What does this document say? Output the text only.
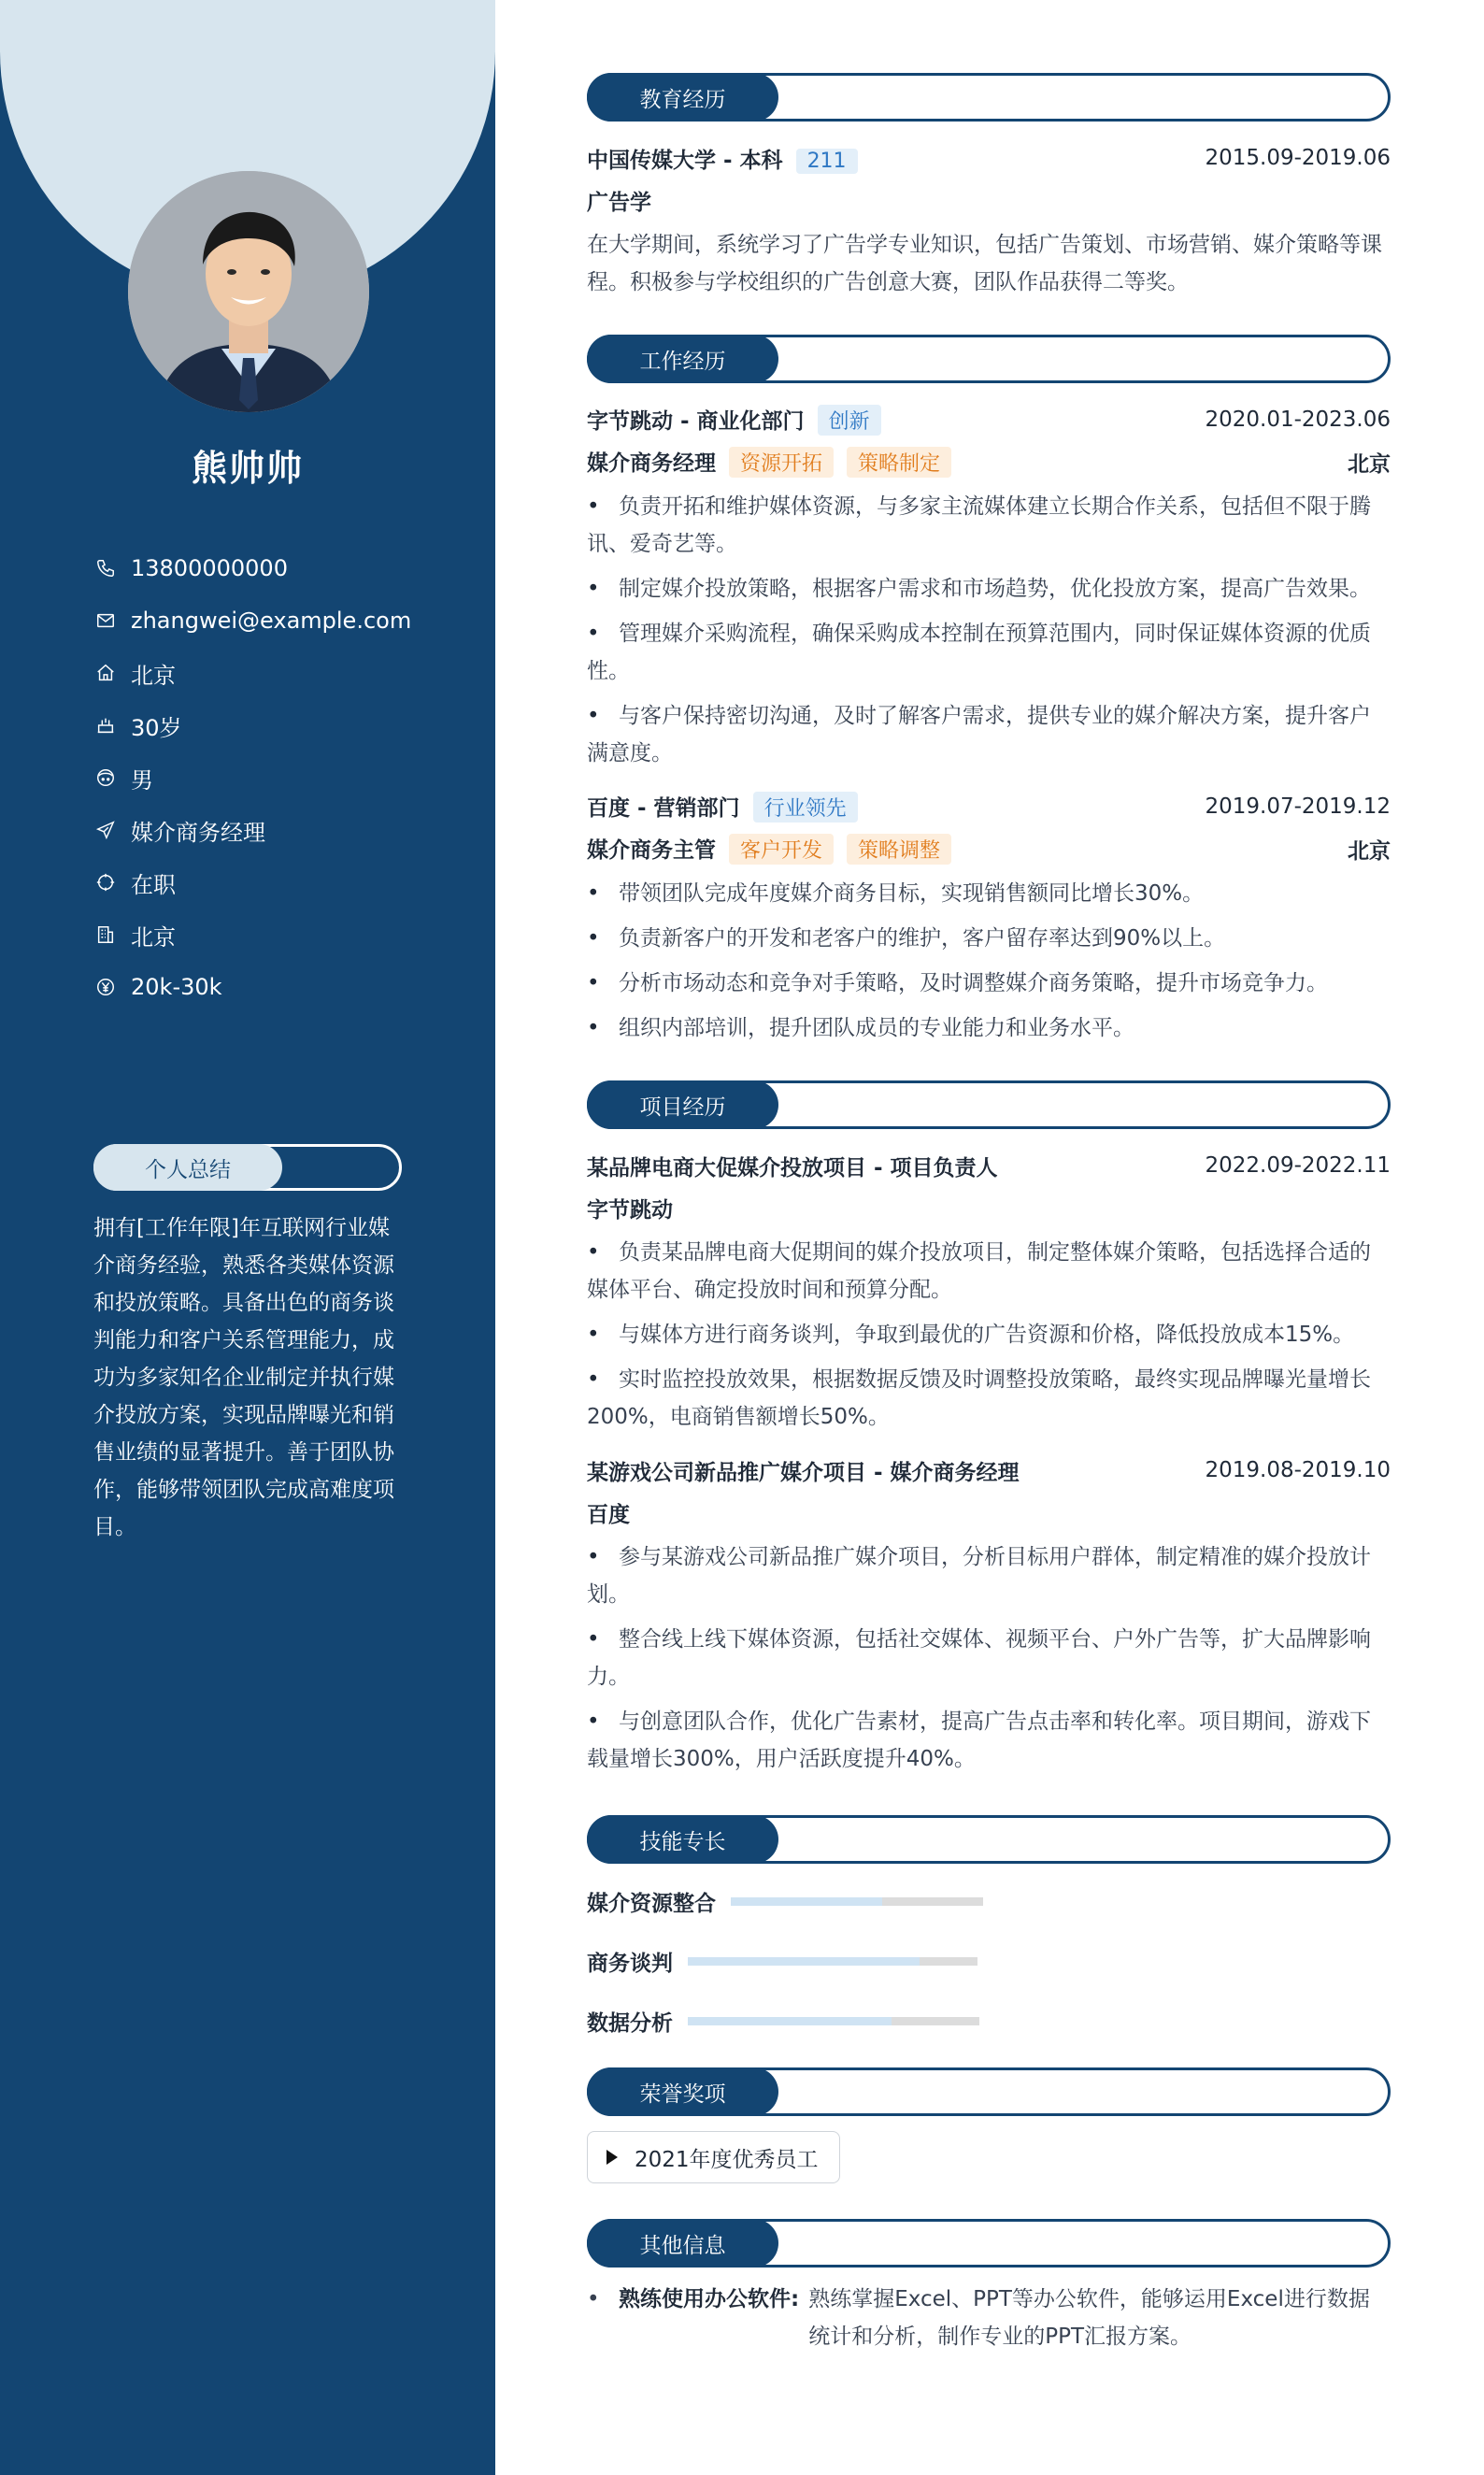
熊帅帅
13800000000
zhangwei@example.com
北京
30岁
男
媒介商务经理
在职
北京
20k-30k
个人总结
拥有[工作年限]年互联网行业媒介商务经验，熟悉各类媒体资源和投放策略。具备出色的商务谈判能力和客户关系管理能力，成功为多家知名企业制定并执行媒介投放方案，实现品牌曝光和销售业绩的显著提升。善于团队协作，能够带领团队完成高难度项目。
教育经历
中国传媒大学 - 本科 211	2015.09-2019.06
广告学
在大学期间，系统学习了广告学专业知识，包括广告策划、市场营销、媒介策略等课程。积极参与学校组织的广告创意大赛，团队作品获得二等奖。
工作经历
字节跳动 - 商业化部门 创新	2020.01-2023.06
媒介商务经理 资源开拓 策略制定	北京
• 负责开拓和维护媒体资源，与多家主流媒体建立长期合作关系，包括但不限于腾讯、爱奇艺等。
• 制定媒介投放策略，根据客户需求和市场趋势，优化投放方案，提高广告效果。
• 管理媒介采购流程，确保采购成本控制在预算范围内，同时保证媒体资源的优质性。
• 与客户保持密切沟通，及时了解客户需求，提供专业的媒介解决方案，提升客户满意度。
百度 - 营销部门 行业领先	2019.07-2019.12
媒介商务主管 客户开发 策略调整	北京
• 带领团队完成年度媒介商务目标，实现销售额同比增长30%。
• 负责新客户的开发和老客户的维护，客户留存率达到90%以上。
• 分析市场动态和竞争对手策略，及时调整媒介商务策略，提升市场竞争力。
• 组织内部培训，提升团队成员的专业能力和业务水平。
项目经历
某品牌电商大促媒介投放项目 - 项目负责人	2022.09-2022.11
字节跳动
• 负责某品牌电商大促期间的媒介投放项目，制定整体媒介策略，包括选择合适的媒体平台、确定投放时间和预算分配。
• 与媒体方进行商务谈判，争取到最优的广告资源和价格，降低投放成本15%。
• 实时监控投放效果，根据数据反馈及时调整投放策略，最终实现品牌曝光量增长200%，电商销售额增长50%。
某游戏公司新品推广媒介项目 - 媒介商务经理	2019.08-2019.10
百度
• 参与某游戏公司新品推广媒介项目，分析目标用户群体，制定精准的媒介投放计划。
• 整合线上线下媒体资源，包括社交媒体、视频平台、户外广告等，扩大品牌影响力。
• 与创意团队合作，优化广告素材，提高广告点击率和转化率。项目期间，游戏下载量增长300%，用户活跃度提升40%。
技能专长
媒介资源整合
商务谈判
数据分析
荣誉奖项
2021年度优秀员工
其他信息
• 熟练使用办公软件: 熟练掌握Excel、PPT等办公软件，能够运用Excel进行数据统计和分析，制作专业的PPT汇报方案。
